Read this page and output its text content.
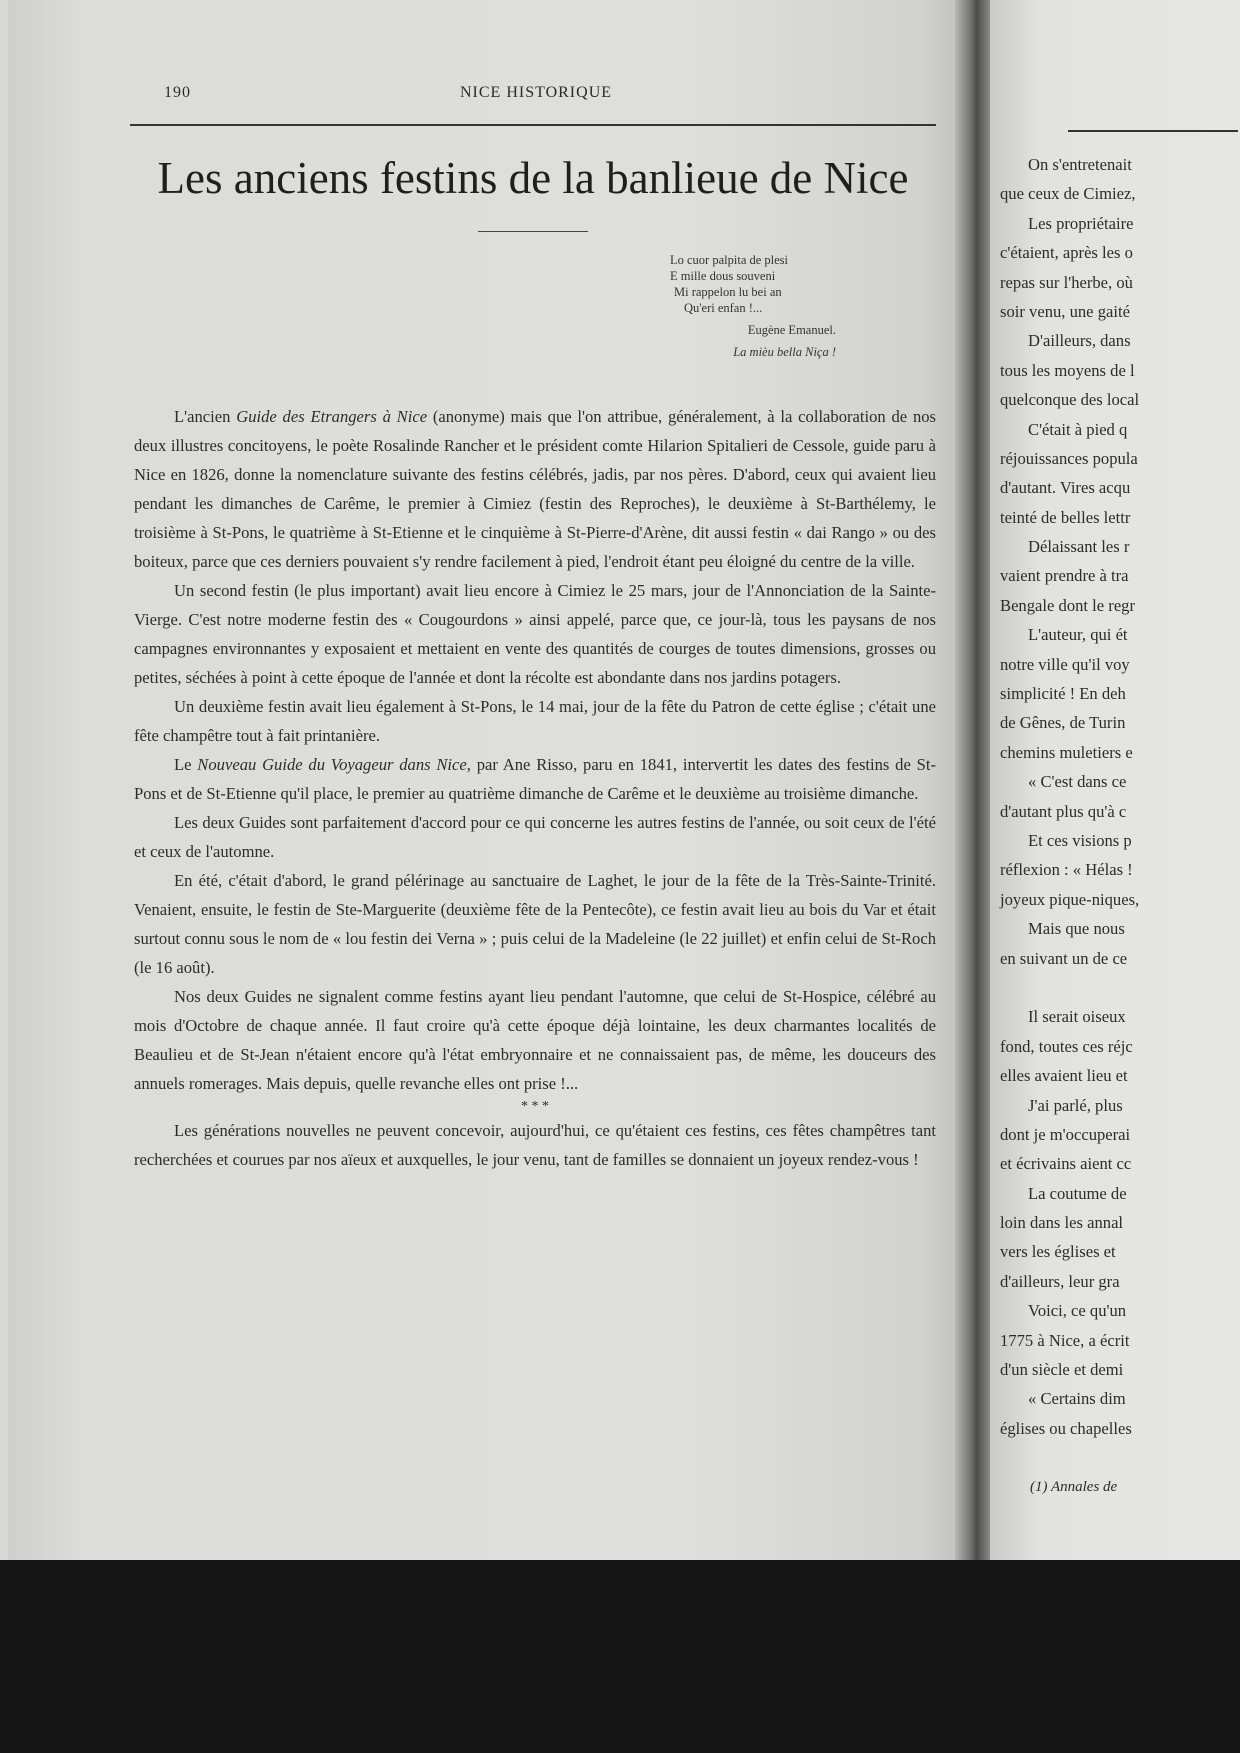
190	NICE HISTORIQUE
Les anciens festins de la banlieue de Nice
Lo cuor palpita de plesi
E mille dous souveni
Mi rappelon lu bei an
Qu'eri enfan !...
Eugène Emanuel.
La mièu bella Niça !

L'ancien Guide des Etrangers à Nice (anonyme) mais que l'on attribue, généralement, à la collaboration de nos deux illustres concitoyens, le poète Rosalinde Rancher et le président comte Hilarion Spitalieri de Cessole, guide paru à Nice en 1826, donne la nomenclature suivante des festins célébrés, jadis, par nos pères. D'abord, ceux qui avaient lieu pendant les dimanches de Carême, le premier à Cimiez (festin des Reproches), le deuxième à St-Barthélemy, le troisième à St-Pons, le quatrième à St-Etienne et le cinquième à St-Pierre-d'Arène, dit aussi festin « dai Rango » ou des boiteux, parce que ces derniers pouvaient s'y rendre facilement à pied, l'endroit étant peu éloigné du centre de la ville.

Un second festin (le plus important) avait lieu encore à Cimiez le 25 mars, jour de l'Annonciation de la Sainte-Vierge. C'est notre moderne festin des « Cougourdons » ainsi appelé, parce que, ce jour-là, tous les paysans de nos campagnes environnantes y exposaient et mettaient en vente des quantités de courges de toutes dimensions, grosses ou petites, séchées à point à cette époque de l'année et dont la récolte est abondante dans nos jardins potagers.

Un deuxième festin avait lieu également à St-Pons, le 14 mai, jour de la fête du Patron de cette église ; c'était une fête champêtre tout à fait printanière.

Le Nouveau Guide du Voyageur dans Nice, par Ane Risso, paru en 1841, intervertit les dates des festins de St-Pons et de St-Etienne qu'il place, le premier au quatrième dimanche de Carême et le deuxième au troisième dimanche.

Les deux Guides sont parfaitement d'accord pour ce qui concerne les autres festins de l'année, ou soit ceux de l'été et ceux de l'automne.

En été, c'était d'abord, le grand pélérinage au sanctuaire de Laghet, le jour de la fête de la Très-Sainte-Trinité. Venaient, ensuite, le festin de Ste-Marguerite (deuxième fête de la Pentecôte), ce festin avait lieu au bois du Var et était surtout connu sous le nom de « lou festin dei Verna » ; puis celui de la Madeleine (le 22 juillet) et enfin celui de St-Roch (le 16 août).

Nos deux Guides ne signalent comme festins ayant lieu pendant l'automne, que celui de St-Hospice, célébré au mois d'Octobre de chaque année. Il faut croire qu'à cette époque déjà lointaine, les deux charmantes localités de Beaulieu et de St-Jean n'étaient encore qu'à l'état embryonnaire et ne connaissaient pas, de même, les douceurs des annuels romerages. Mais depuis, quelle revanche elles ont prise !...

* * *

Les générations nouvelles ne peuvent concevoir, aujourd'hui, ce qu'étaient ces festins, ces fêtes champêtres tant recherchées et courues par nos aïeux et auxquelles, le jour venu, tant de familles se donnaient un joyeux rendez-vous !

On s'entretenait
que ceux de Cimiez,
Les propriétaire
c'étaient, après les o
repas sur l'herbe, où
soir venu, une gaité
D'ailleurs, dans
tous les moyens de l
quelconque des local
C'était à pied q
réjouissances popula
d'autant. Vires acqu
teinté de belles lettr
Délaissant les r
vaient prendre à tra
Bengale dont le regr
L'auteur, qui ét
notre ville qu'il voy
simplicité ! En deh
de Gênes, de Turin
chemins muletiers e
« C'est dans ce
d'autant plus qu'à c
Et ces visions p
réflexion : « Hélas !
joyeux pique-niques,
Mais que nous
en suivant un de ce
Il serait oiseux
fond, toutes ces réjc
elles avaient lieu et
J'ai parlé, plus
dont je m'occuperai
et écrivains aient cc
La coutume de
loin dans les annal
vers les églises et
d'ailleurs, leur gra
Voici, ce qu'un
1775 à Nice, a écrit
d'un siècle et demi
« Certains dim
églises ou chapelles
(1) Annales de
